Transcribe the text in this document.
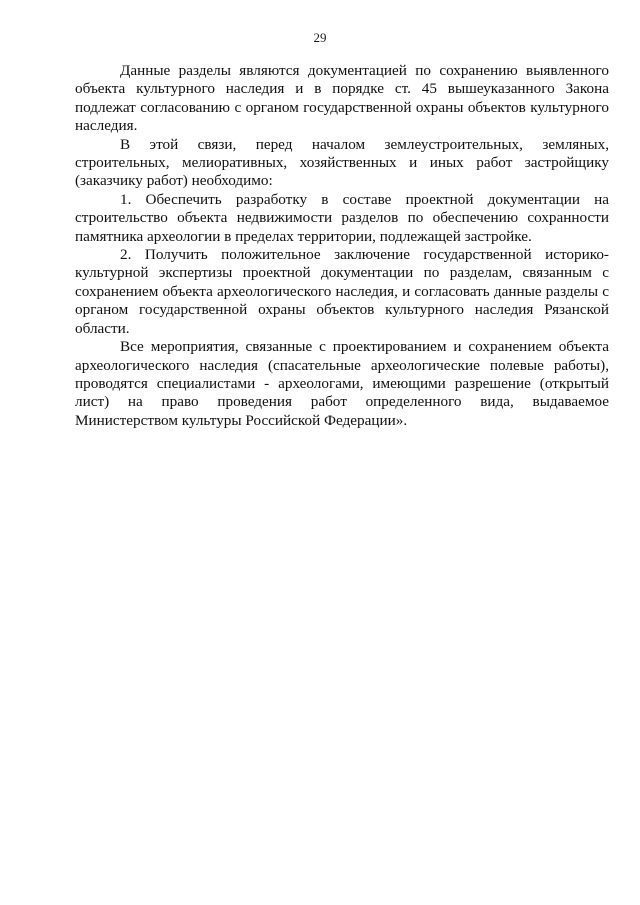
29

Данные разделы являются документацией по сохранению выявленного объекта культурного наследия и в порядке ст. 45 вышеуказанного Закона подлежат согласованию с органом государственной охраны объектов культурного наследия.

В этой связи, перед началом землеустроительных, земляных, строительных, мелиоративных, хозяйственных и иных работ застройщику (заказчику работ) необходимо:

1. Обеспечить разработку в составе проектной документации на строительство объекта недвижимости разделов по обеспечению сохранности памятника археологии в пределах территории, подлежащей застройке.

2. Получить положительное заключение государственной историко-культурной экспертизы проектной документации по разделам, связанным с сохранением объекта археологического наследия, и согласовать данные разделы с органом государственной охраны объектов культурного наследия Рязанской области.

Все мероприятия, связанные с проектированием и сохранением объекта археологического наследия (спасательные археологические полевые работы), проводятся специалистами - археологами, имеющими разрешение (открытый лист) на право проведения работ определенного вида, выдаваемое Министерством культуры Российской Федерации».
